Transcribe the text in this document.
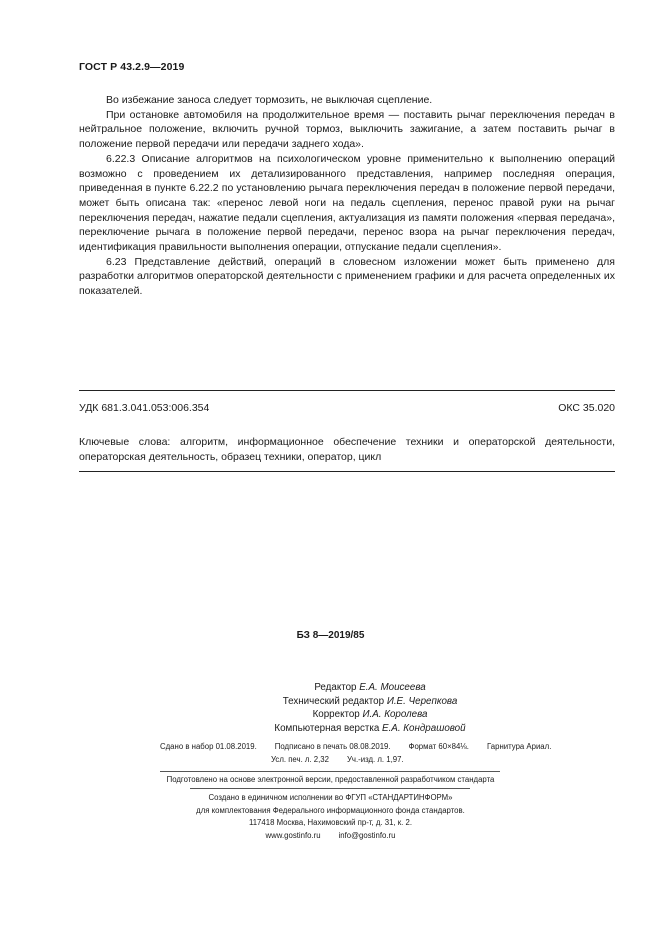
ГОСТ Р 43.2.9—2019

Во избежание заноса следует тормозить, не выключая сцепление.

При остановке автомобиля на продолжительное время — поставить рычаг переключения передач в нейтральное положение, включить ручной тормоз, выключить зажигание, а затем поставить рычаг в положение первой передачи или передачи заднего хода».

6.22.3 Описание алгоритмов на психологическом уровне применительно к выполнению операций возможно с проведением их детализированного представления, например последняя операция, приведенная в пункте 6.22.2 по установлению рычага переключения передач в положение первой передачи, может быть описана так: «перенос левой ноги на педаль сцепления, перенос правой руки на рычаг переключения передач, нажатие педали сцепления, актуализация из памяти положения «первая передача», переключение рычага в положение первой передачи, перенос взора на рычаг переключения передач, идентификация правильности выполнения операции, отпускание педали сцепления».

6.23 Представление действий, операций в словесном изложении может быть применено для разработки алгоритмов операторской деятельности с применением графики и для расчета определенных их показателей.

УДК 681.3.041.053:006.354	ОКС 35.020
Ключевые слова: алгоритм, информационное обеспечение техники и операторской деятельности, операторская деятельность, образец техники, оператор, цикл
БЗ 8—2019/85
Редактор Е.А. Моисеева
Технический редактор И.Е. Черепкова
Корректор И.А. Королева
Компьютерная верстка Е.А. Кондрашовой
Сдано в набор 01.08.2019. Подписано в печать 08.08.2019. Формат 60×84⅛. Гарнитура Ариал.
Усл. печ. л. 2,32 Уч.-изд. л. 1,97.
Подготовлено на основе электронной версии, предоставленной разработчиком стандарта
Создано в единичном исполнении во ФГУП «СТАНДАРТИНФОРМ»
для комплектования Федерального информационного фонда стандартов.
117418 Москва, Нахимовский пр-т, д. 31, к. 2.
www.gostinfo.ru info@gostinfo.ru
